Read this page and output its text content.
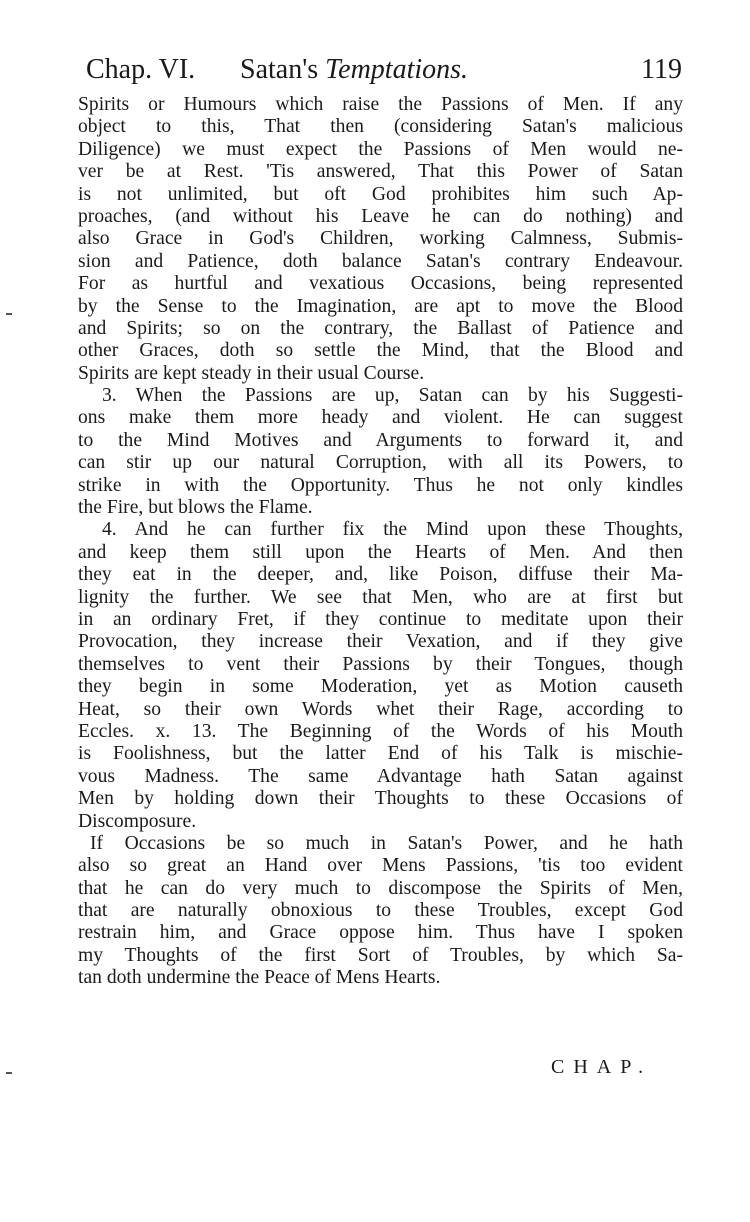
Chap. VI. Satan's Temptations.	119
Spirits or Humours which raise the Passions of Men. If any
object to this, That then (considering Satan's malicious
Diligence) we must expect the Passions of Men would ne-
ver be at Rest. 'Tis answered, That this Power of Satan
is not unlimited, but oft God prohibites him such Ap-
proaches, (and without his Leave he can do nothing) and
also Grace in God's Children, working Calmness, Submis-
sion and Patience, doth balance Satan's contrary Endeavour.
For as hurtful and vexatious Occasions, being represented
by the Sense to the Imagination, are apt to move the Blood
and Spirits; so on the contrary, the Ballast of Patience and
other Graces, doth so settle the Mind, that the Blood and
Spirits are kept steady in their usual Course.
3. When the Passions are up, Satan can by his Suggesti-
ons make them more heady and violent. He can suggest
to the Mind Motives and Arguments to forward it, and
can stir up our natural Corruption, with all its Powers, to
strike in with the Opportunity. Thus he not only kindles
the Fire, but blows the Flame.
4. And he can further fix the Mind upon these Thoughts,
and keep them still upon the Hearts of Men. And then
they eat in the deeper, and, like Poison, diffuse their Ma-
lignity the further. We see that Men, who are at first but
in an ordinary Fret, if they continue to meditate upon their
Provocation, they increase their Vexation, and if they give
themselves to vent their Passions by their Tongues, though
they begin in some Moderation, yet as Motion causeth
Heat, so their own Words whet their Rage, according to
Eccles. x. 13. The Beginning of the Words of his Mouth
is Foolishness, but the latter End of his Talk is mischie-
vous Madness. The same Advantage hath Satan against
Men by holding down their Thoughts to these Occasions of
Discomposure.
If Occasions be so much in Satan's Power, and he hath
also so great an Hand over Mens Passions, 'tis too evident
that he can do very much to discompose the Spirits of Men,
that are naturally obnoxious to these Troubles, except God
restrain him, and Grace oppose him. Thus have I spoken
my Thoughts of the first Sort of Troubles, by which Sa-
tan doth undermine the Peace of Mens Hearts.
CHAP.
